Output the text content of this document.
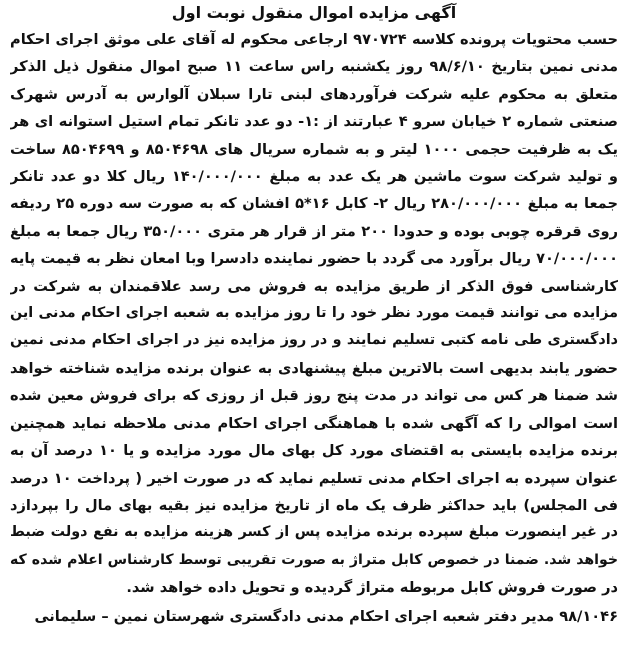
آگهی مزایده اموال منقول نوبت اول
حسب محتویات پرونده کلاسه ۹۷۰۷۲۴ ارجاعی محکوم له آقای علی موثق اجرای احکام
مدنی نمین بتاریخ ۹۸/۶/۱۰ روز یکشنبه راس ساعت ۱۱ صبح اموال منقول ذیل الذکر
متعلق به محکوم علیه شرکت فرآوردهای لبنی تارا سبلان آلوارس به آدرس شهرک
صنعتی شماره ۲ خیابان سرو ۴ عبارتند از :۱- دو عدد تانکر تمام استیل استوانه ای هر
یک به ظرفیت حجمی ۱۰۰۰ لیتر و به شماره سریال های ۸۵۰۴۶۹۸ و ۸۵۰۴۶۹۹ ساخت
و تولید شرکت سوت ماشین هر یک عدد به مبلغ ۱۴۰/۰۰۰/۰۰۰ ریال کلا دو عدد تانکر
جمعا به مبلغ ۲۸۰/۰۰۰/۰۰۰ ریال ۲- کابل ۱۶*۵ افشان که به صورت سه دوره ۲۵ ردیفه
روی قرقره چوبی بوده و حدودا ۲۰۰ متر از قرار هر متری ۳۵۰/۰۰۰ ریال جمعا به مبلغ
۷۰/۰۰۰/۰۰۰ ریال برآورد می گردد با حضور نماینده دادسرا وبا امعان نظر به قیمت پایه
کارشناسی فوق الذکر از طریق مزایده به فروش می رسد علاقمندان به شرکت در
مزایده می توانند قیمت مورد نظر خود را تا روز مزایده به شعبه اجرای احکام مدنی این
دادگستری طی نامه کتبی تسلیم نمایند و در روز مزایده نیز در اجرای احکام مدنی نمین
حضور یابند بدیهی است بالاترین مبلغ پیشنهادی به عنوان برنده مزایده شناخته خواهد
شد ضمنا هر کس می تواند در مدت پنج روز قبل از روزی که برای فروش معین شده
است اموالی را که آگهی شده با هماهنگی اجرای احکام مدنی ملاحظه نماید همچنین
برنده مزایده بایستی به اقتضای مورد کل بهای مال مورد مزایده و یا ۱۰ درصد آن به
عنوان سپرده به اجرای احکام مدنی تسلیم نماید که در صورت اخیر ( پرداخت ۱۰ درصد
فی المجلس) باید حداکثر ظرف یک ماه از تاریخ مزایده نیز بقیه بهای مال را بپردازد
در غیر اینصورت مبلغ سپرده برنده مزایده پس از کسر هزینه مزایده به نفع دولت ضبط
خواهد شد. ضمنا در خصوص کابل متراژ به صورت تقریبی توسط کارشناس اعلام شده که
در صورت فروش کابل مربوطه متراژ گردیده و تحویل داده خواهد شد.
۹۸/۱۰۴۶ مدیر دفتر شعبه اجرای احکام مدنی دادگستری شهرستان نمین – سلیمانی
